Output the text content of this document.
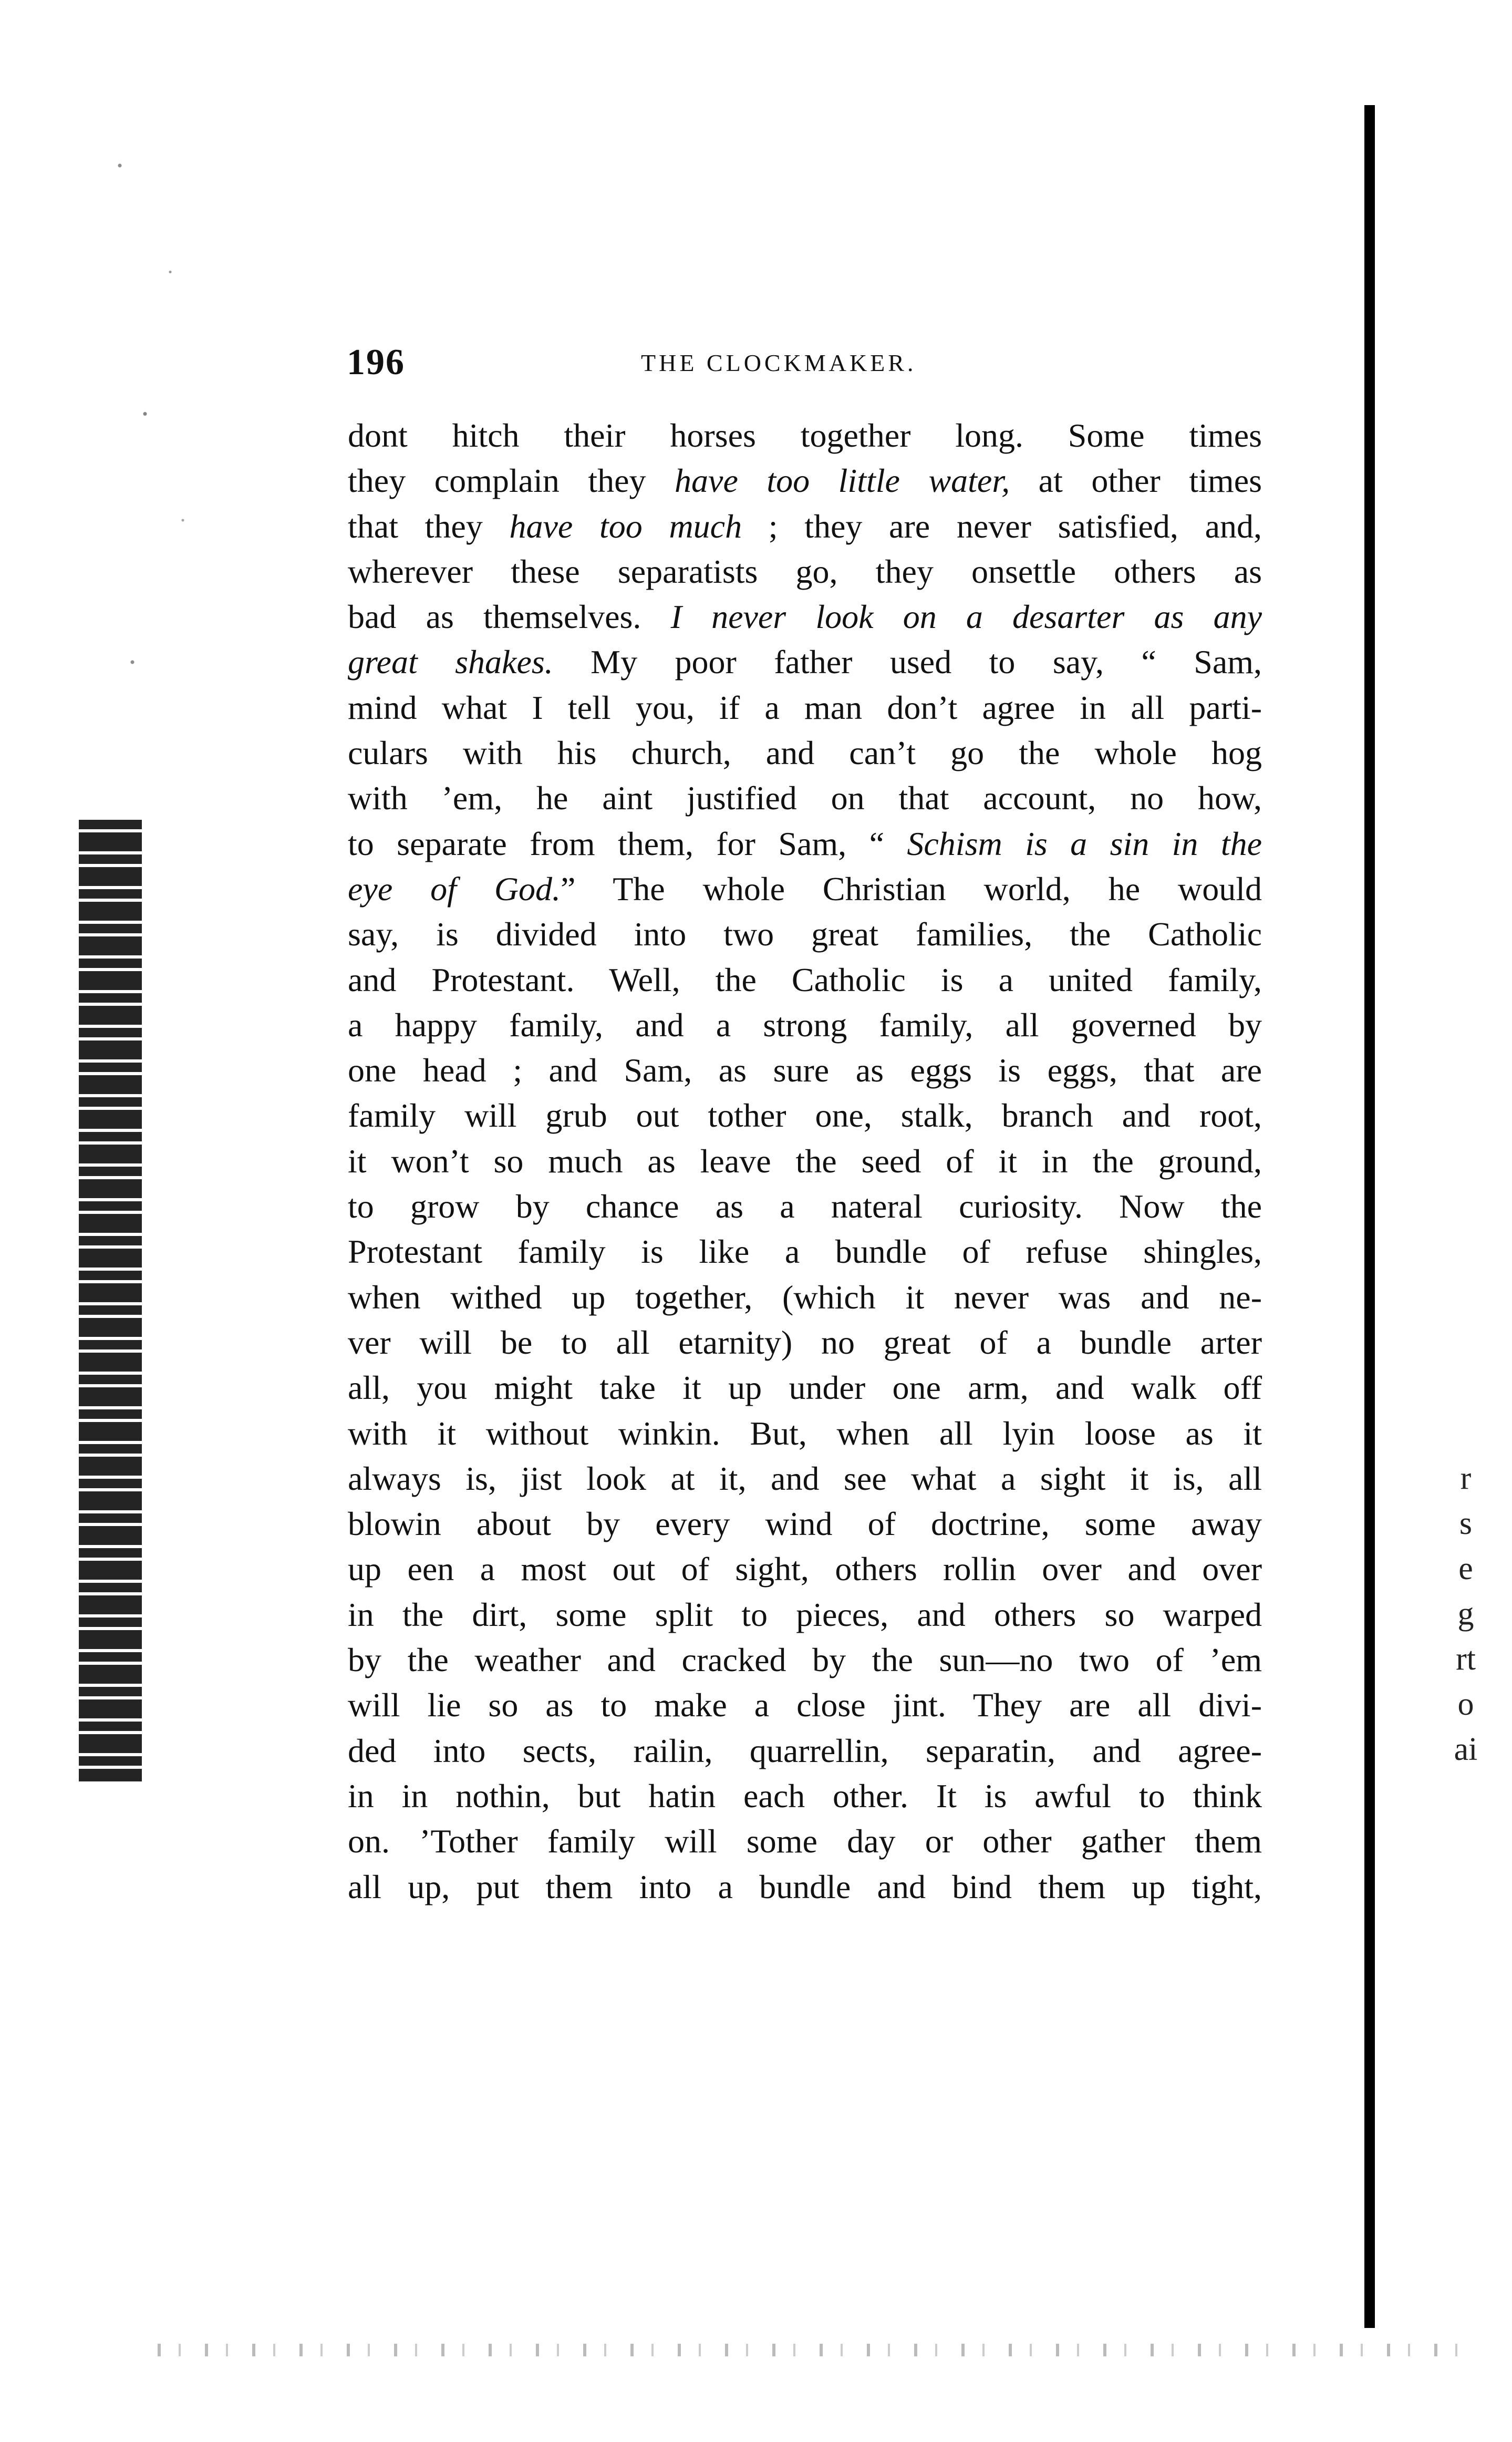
r
s
e
g
rt
o
ai
196	THE CLOCKMAKER.
dont hitch their horses together long. Some times
they complain they have too little water, at other times
that they have too much ; they are never satisfied, and,
wherever these separatists go, they onsettle others as
bad as themselves. I never look on a desarter as any
great shakes. My poor father used to say, “ Sam,
mind what I tell you, if a man don’t agree in all parti-
culars with his church, and can’t go the whole hog
with ’em, he aint justified on that account, no how,
to separate from them, for Sam, “ Schism is a sin in the
eye of God.” The whole Christian world, he would
say, is divided into two great families, the Catholic
and Protestant. Well, the Catholic is a united family,
a happy family, and a strong family, all governed by
one head ; and Sam, as sure as eggs is eggs, that are
family will grub out tother one, stalk, branch and root,
it won’t so much as leave the seed of it in the ground,
to grow by chance as a nateral curiosity. Now the
Protestant family is like a bundle of refuse shingles,
when withed up together, (which it never was and ne-
ver will be to all etarnity) no great of a bundle arter
all, you might take it up under one arm, and walk off
with it without winkin. But, when all lyin loose as it
always is, jist look at it, and see what a sight it is, all
blowin about by every wind of doctrine, some away
up een a most out of sight, others rollin over and over
in the dirt, some split to pieces, and others so warped
by the weather and cracked by the sun—no two of ’em
will lie so as to make a close jint. They are all divi-
ded into sects, railin, quarrellin, separatin, and agree-
in in nothin, but hatin each other. It is awful to think
on. ’Tother family will some day or other gather them
all up, put them into a bundle and bind them up tight,
